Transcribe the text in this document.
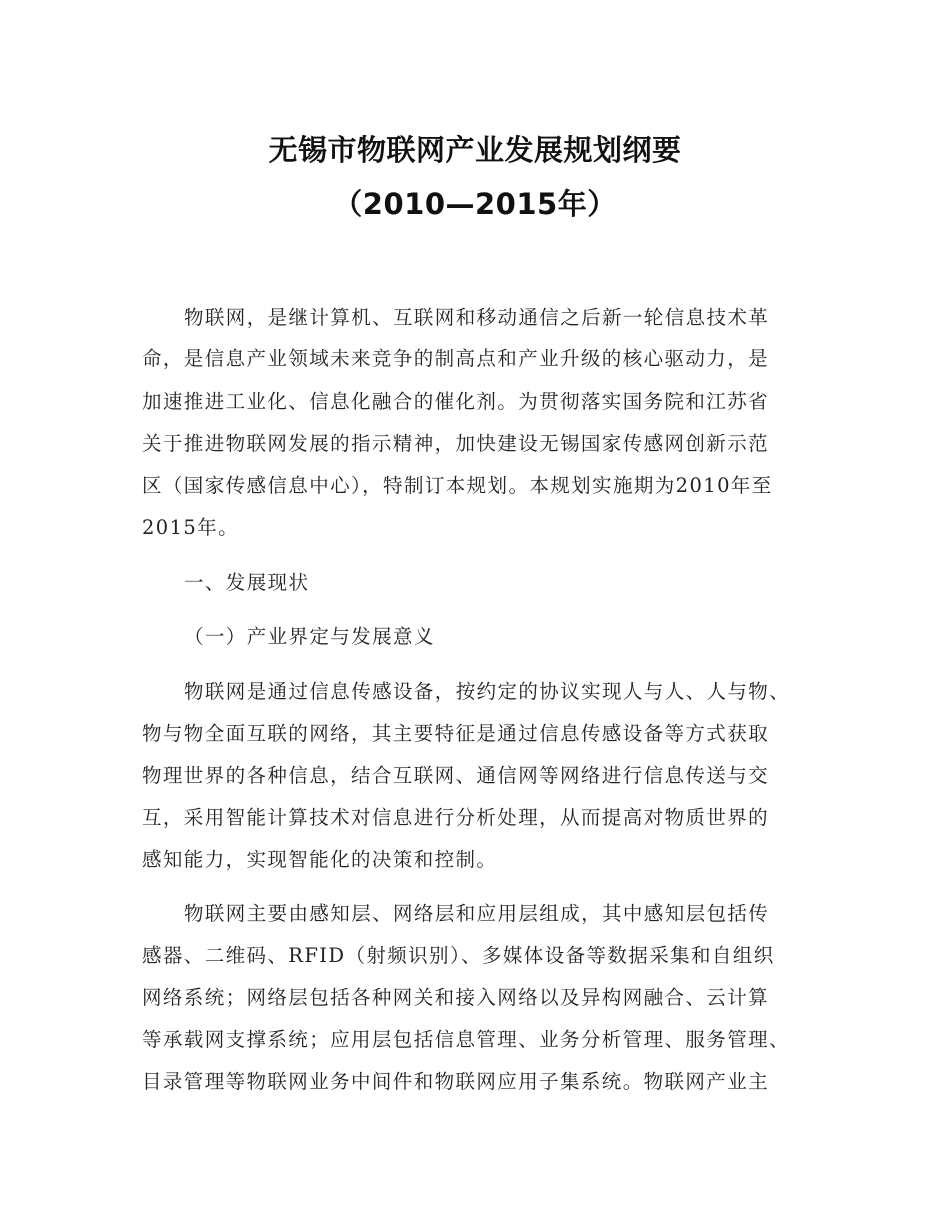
无锡市物联网产业发展规划纲要
（2010—2015年）
物联网，是继计算机、互联网和移动通信之后新一轮信息技术革
命，是信息产业领域未来竞争的制高点和产业升级的核心驱动力，是
加速推进工业化、信息化融合的催化剂。为贯彻落实国务院和江苏省
关于推进物联网发展的指示精神，加快建设无锡国家传感网创新示范
区（国家传感信息中心），特制订本规划。本规划实施期为2010年至
2015年。
一、发展现状
（一）产业界定与发展意义
物联网是通过信息传感设备，按约定的协议实现人与人、人与物、
物与物全面互联的网络，其主要特征是通过信息传感设备等方式获取
物理世界的各种信息，结合互联网、通信网等网络进行信息传送与交
互，采用智能计算技术对信息进行分析处理，从而提高对物质世界的
感知能力，实现智能化的决策和控制。
物联网主要由感知层、网络层和应用层组成，其中感知层包括传
感器、二维码、RFID（射频识别）、多媒体设备等数据采集和自组织
网络系统；网络层包括各种网关和接入网络以及异构网融合、云计算
等承载网支撑系统；应用层包括信息管理、业务分析管理、服务管理、
目录管理等物联网业务中间件和物联网应用子集系统。物联网产业主
